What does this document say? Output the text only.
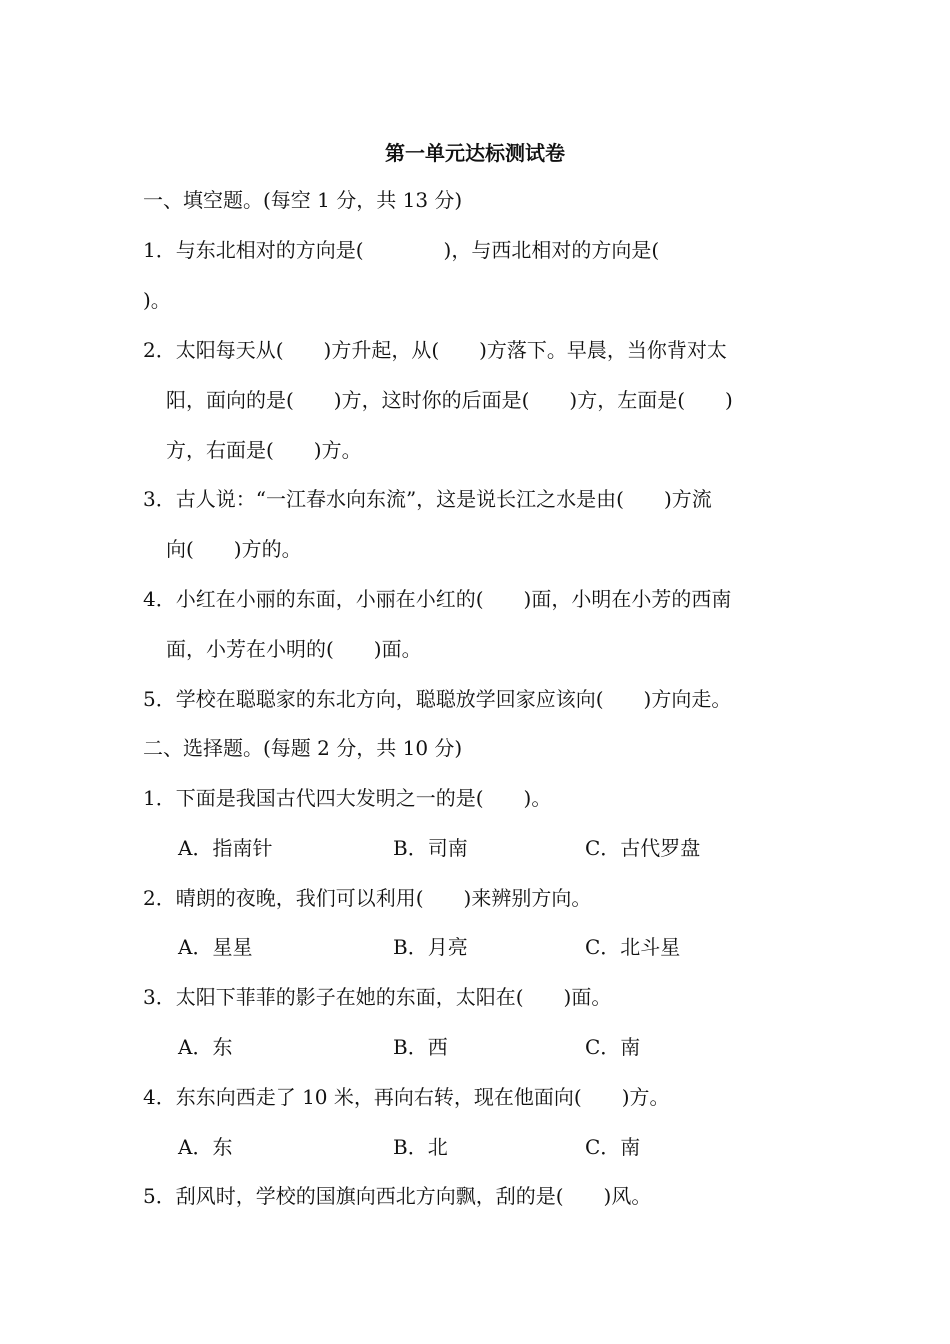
第一单元达标测试卷
一、填空题。(每空 1 分，共 13 分)
1．与东北相对的方向是(　　　　)，与西北相对的方向是(
)。
2．太阳每天从(　　)方升起，从(　　)方落下。早晨，当你背对太
阳，面向的是(　　)方，这时你的后面是(　　)方，左面是(　　)
方，右面是(　　)方。
3．古人说：“一江春水向东流”，这是说长江之水是由(　　)方流
向(　　)方的。
4．小红在小丽的东面，小丽在小红的(　　)面，小明在小芳的西南
面，小芳在小明的(　　)面。
5．学校在聪聪家的东北方向，聪聪放学回家应该向(　　)方向走。
二、选择题。(每题 2 分，共 10 分)
1．下面是我国古代四大发明之一的是(　　)。
A．指南针	B．司南	C．古代罗盘
2．晴朗的夜晚，我们可以利用(　　)来辨别方向。
A．星星	B．月亮	C．北斗星
3．太阳下菲菲的影子在她的东面，太阳在(　　)面。
A．东	B．西	C．南
4．东东向西走了 10 米，再向右转，现在他面向(　　)方。
A．东	B．北	C．南
5．刮风时，学校的国旗向西北方向飘，刮的是(　　)风。
